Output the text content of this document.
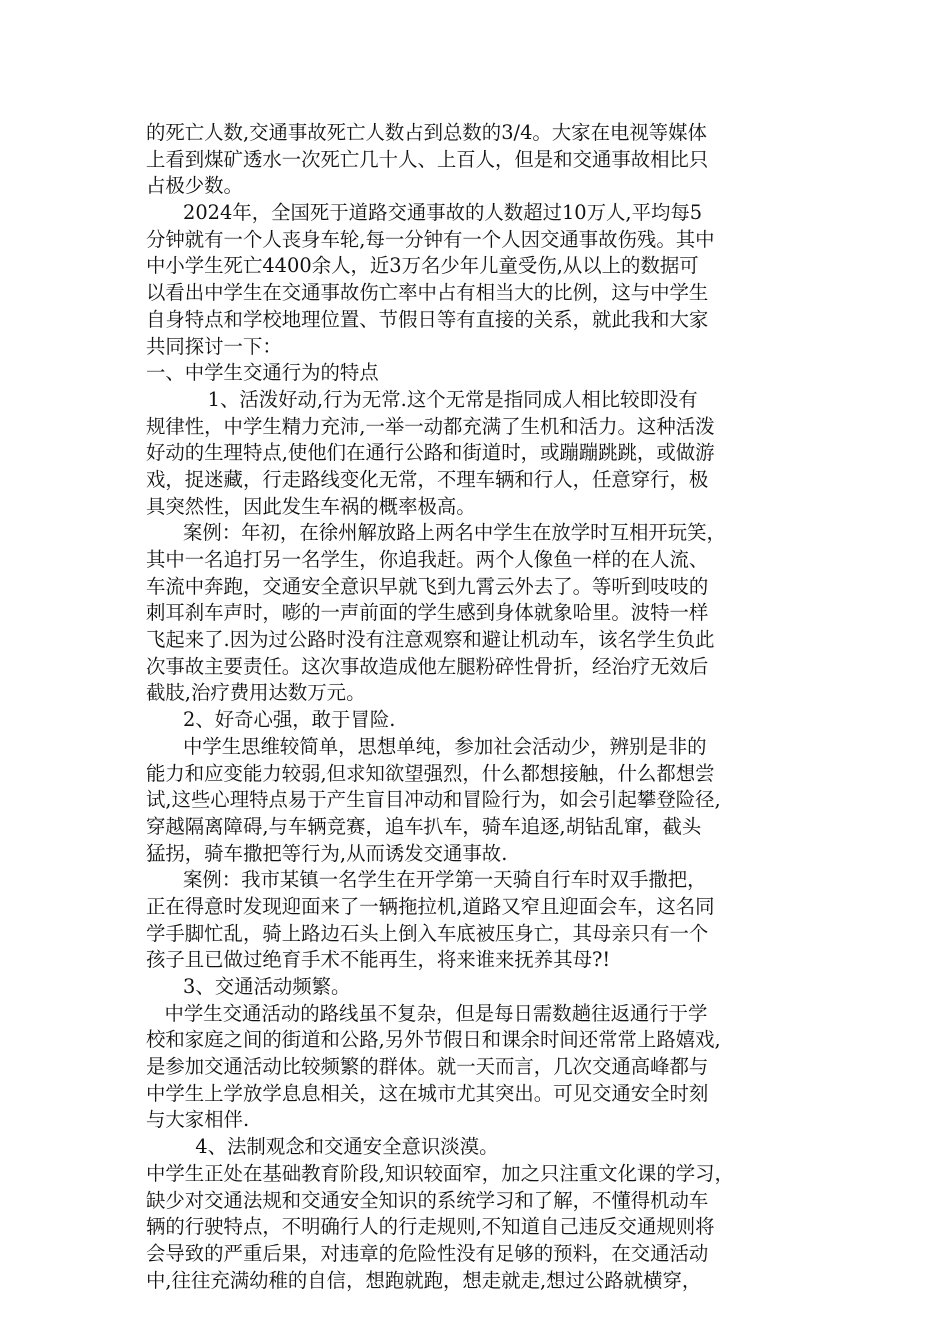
的死亡人数,交通事故死亡人数占到总数的3/4。大家在电视等媒体
上看到煤矿透水一次死亡几十人、上百人，但是和交通事故相比只
占极少数。
2024年，全国死于道路交通事故的人数超过10万人,平均每5
分钟就有一个人丧身车轮,每一分钟有一个人因交通事故伤残。其中
中小学生死亡4400余人，近3万名少年儿童受伤,从以上的数据可
以看出中学生在交通事故伤亡率中占有相当大的比例，这与中学生
自身特点和学校地理位置、节假日等有直接的关系，就此我和大家
共同探讨一下：
一、中学生交通行为的特点
1、活泼好动,行为无常.这个无常是指同成人相比较即没有
规律性，中学生精力充沛,一举一动都充满了生机和活力。这种活泼
好动的生理特点,使他们在通行公路和街道时，或蹦蹦跳跳，或做游
戏，捉迷藏，行走路线变化无常，不理车辆和行人，任意穿行，极
具突然性，因此发生车祸的概率极高。
案例：年初，在徐州解放路上两名中学生在放学时互相开玩笑，
其中一名追打另一名学生，你追我赶。两个人像鱼一样的在人流、
车流中奔跑，交通安全意识早就飞到九霄云外去了。等听到吱吱的
刺耳刹车声时，嘭的一声前面的学生感到身体就象哈里。波特一样
飞起来了.因为过公路时没有注意观察和避让机动车，该名学生负此
次事故主要责任。这次事故造成他左腿粉碎性骨折，经治疗无效后
截肢,治疗费用达数万元。
2、好奇心强，敢于冒险.
中学生思维较简单，思想单纯，参加社会活动少，辨别是非的
能力和应变能力较弱,但求知欲望强烈，什么都想接触，什么都想尝
试,这些心理特点易于产生盲目冲动和冒险行为，如会引起攀登险径,
穿越隔离障碍,与车辆竞赛，追车扒车，骑车追逐,胡钻乱窜，截头
猛拐，骑车撒把等行为,从而诱发交通事故.
案例：我市某镇一名学生在开学第一天骑自行车时双手撒把，
正在得意时发现迎面来了一辆拖拉机,道路又窄且迎面会车，这名同
学手脚忙乱，骑上路边石头上倒入车底被压身亡，其母亲只有一个
孩子且已做过绝育手术不能再生，将来谁来抚养其母?!
3、交通活动频繁。
中学生交通活动的路线虽不复杂，但是每日需数趟往返通行于学
校和家庭之间的街道和公路,另外节假日和课余时间还常常上路嬉戏,
是参加交通活动比较频繁的群体。就一天而言，几次交通高峰都与
中学生上学放学息息相关，这在城市尤其突出。可见交通安全时刻
与大家相伴.
4、法制观念和交通安全意识淡漠。
中学生正处在基础教育阶段,知识较面窄，加之只注重文化课的学习，
缺少对交通法规和交通安全知识的系统学习和了解，不懂得机动车
辆的行驶特点，不明确行人的行走规则,不知道自己违反交通规则将
会导致的严重后果，对违章的危险性没有足够的预料，在交通活动
中,往往充满幼稚的自信，想跑就跑，想走就走,想过公路就横穿，
